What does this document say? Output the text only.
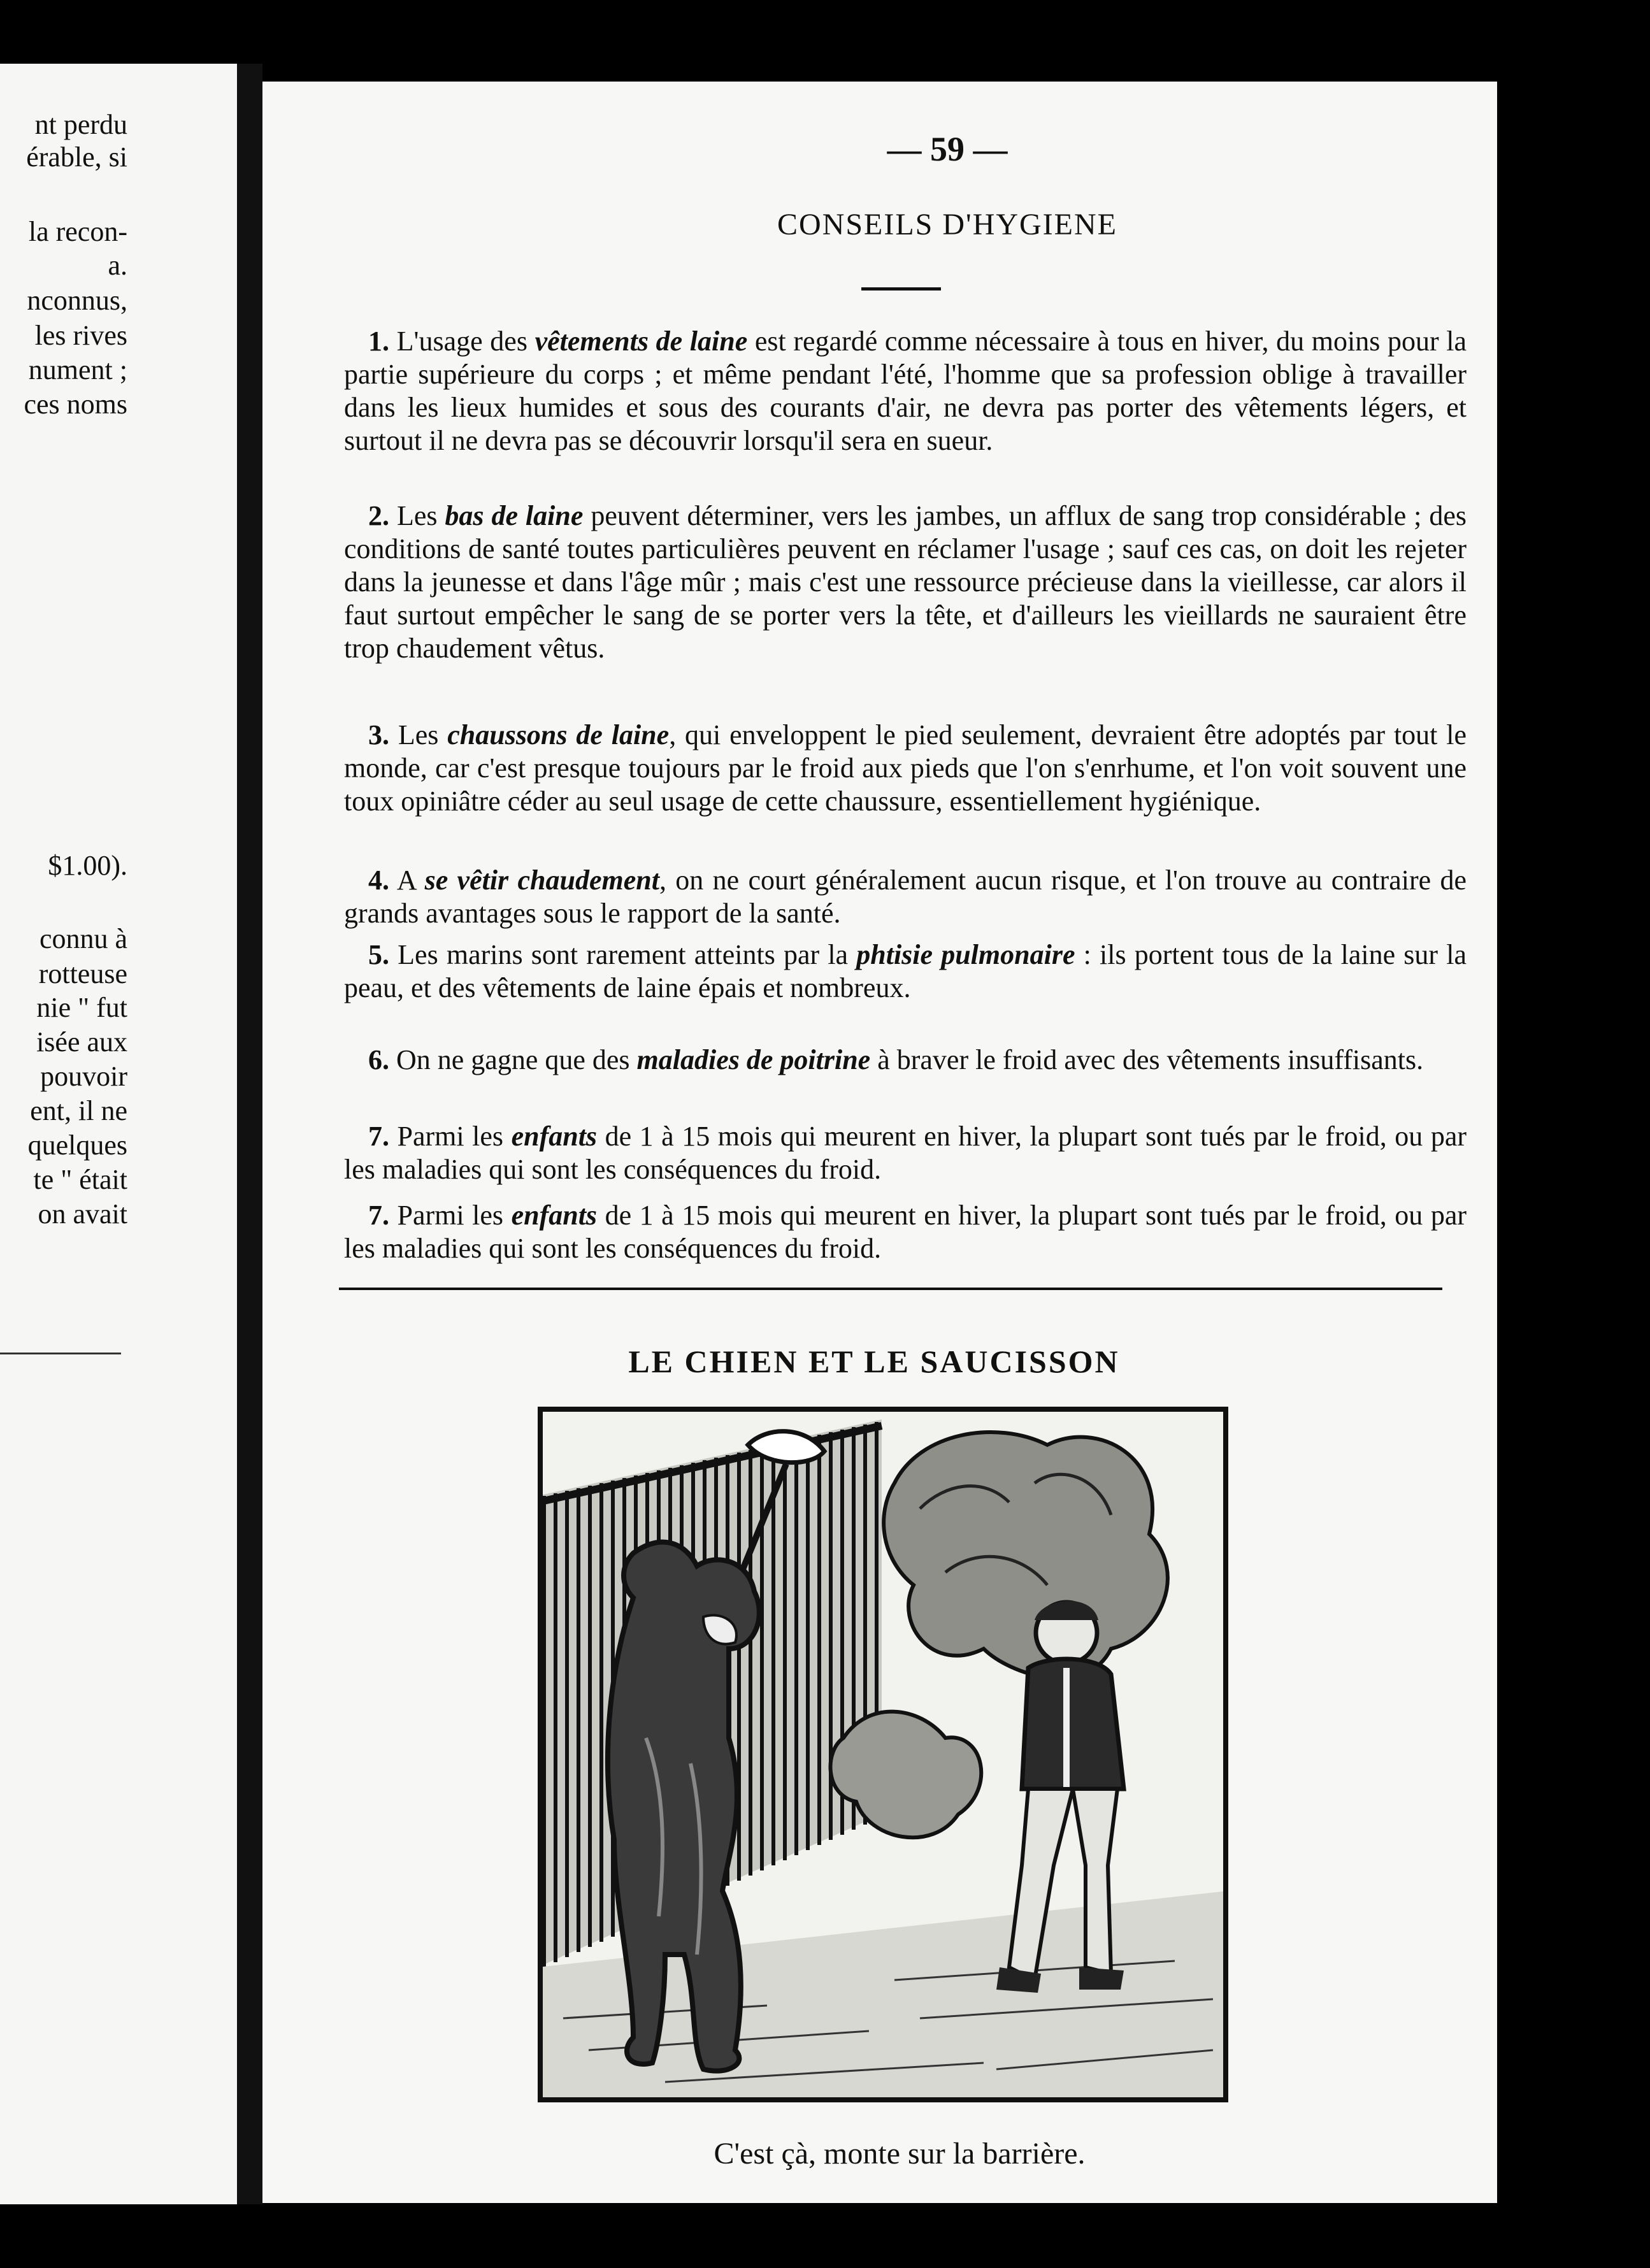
nt perdu
érable, si
la recon-
a.
nconnus,
les rives
nument ;
ces noms
$1.00).
connu à
rotteuse
nie " fut
isée aux
pouvoir
ent, il ne
quelques
te " était
on avait
— 59 —
CONSEILS D'HYGIENE
1. L'usage des vêtements de laine est regardé comme nécessaire à tous en hiver, du moins pour la partie supérieure du corps ; et même pendant l'été, l'homme que sa profession oblige à travailler dans les lieux humides et sous des courants d'air, ne devra pas porter des vêtements légers, et surtout il ne devra pas se découvrir lorsqu'il sera en sueur.
2. Les bas de laine peuvent déterminer, vers les jambes, un afflux de sang trop considérable ; des conditions de santé toutes particulières peuvent en réclamer l'usage ; sauf ces cas, on doit les rejeter dans la jeunesse et dans l'âge mûr ; mais c'est une ressource précieuse dans la vieillesse, car alors il faut surtout empêcher le sang de se porter vers la tête, et d'ailleurs les vieillards ne sauraient être trop chaudement vêtus.
3. Les chaussons de laine, qui enveloppent le pied seulement, devraient être adoptés par tout le monde, car c'est presque toujours par le froid aux pieds que l'on s'enrhume, et l'on voit souvent une toux opiniâtre céder au seul usage de cette chaussure, essentiellement hygiénique.
4. A se vêtir chaudement, on ne court généralement aucun risque, et l'on trouve au contraire de grands avantages sous le rapport de la santé.
5. Les marins sont rarement atteints par la phtisie pulmonaire : ils portent tous de la laine sur la peau, et des vêtements de laine épais et nombreux.
6. On ne gagne que des maladies de poitrine à braver le froid avec des vêtements insuffisants.
7. Parmi les enfants de 1 à 15 mois qui meurent en hiver, la plupart sont tués par le froid, ou par les maladies qui sont les conséquences du froid.
7. Parmi les enfants de 1 à 15 mois qui meurent en hiver, la plupart sont tués par le froid, ou par les maladies qui sont les conséquences du froid.
LE CHIEN ET LE SAUCISSON
C'est çà, monte sur la barrière.
